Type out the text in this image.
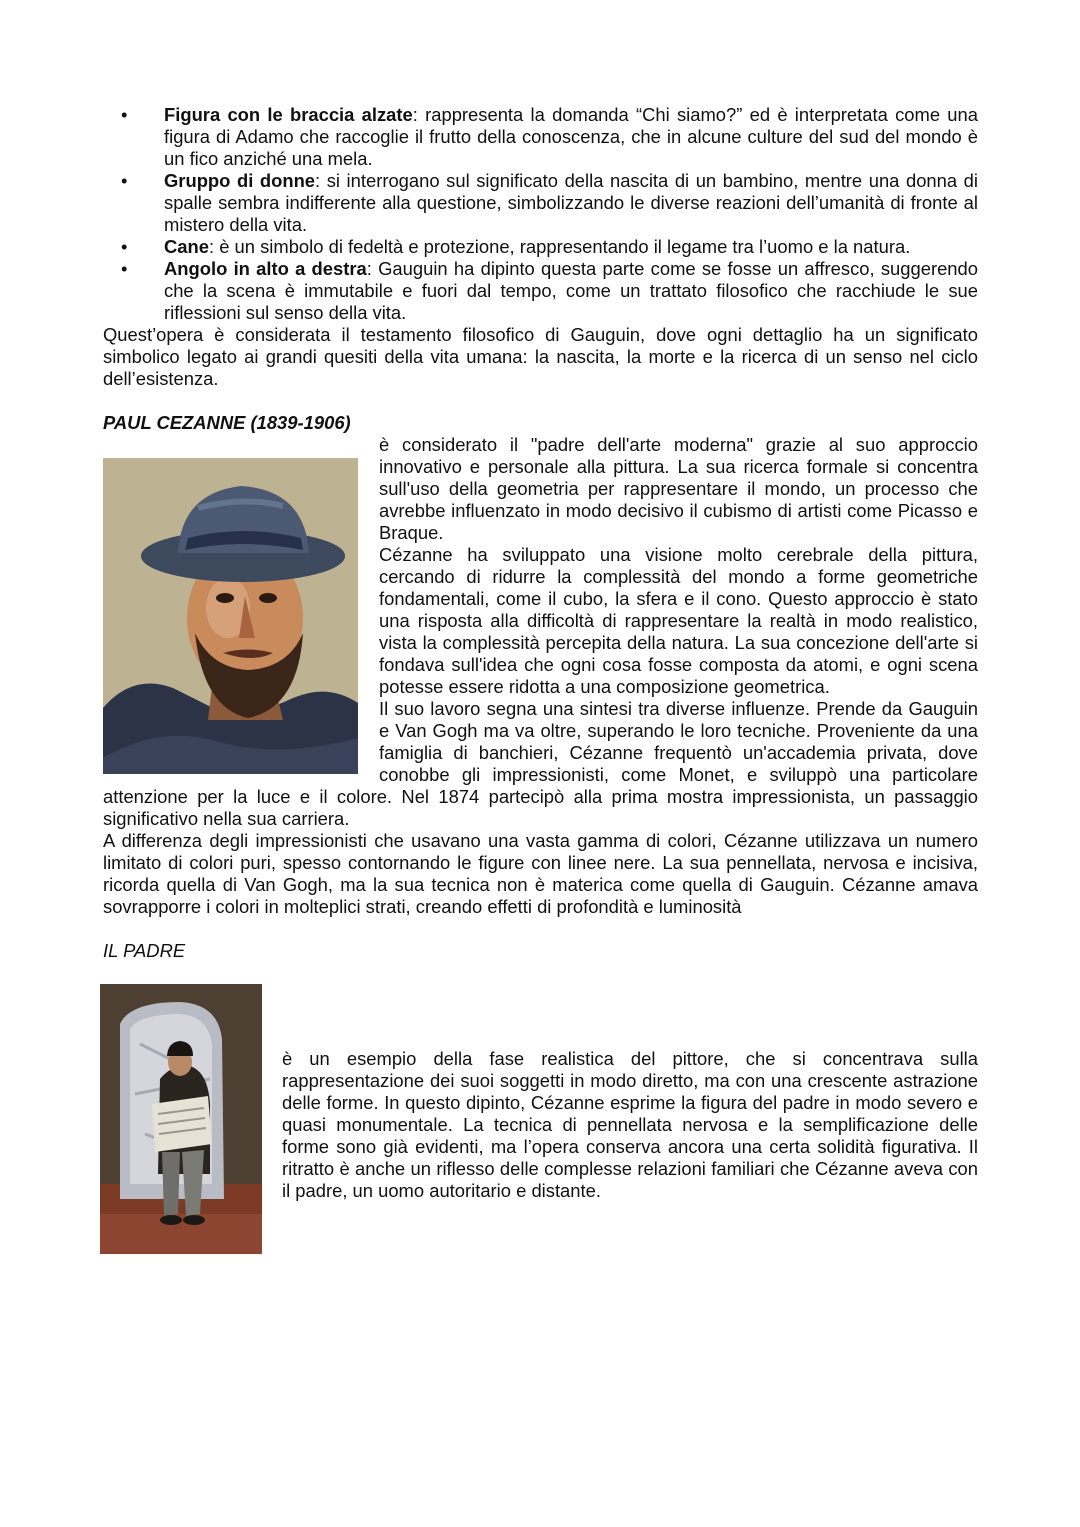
• Figura con le braccia alzate: rappresenta la domanda “Chi siamo?” ed è interpretata come una figura di Adamo che raccoglie il frutto della conoscenza, che in alcune culture del sud del mondo è un fico anziché una mela.
• Gruppo di donne: si interrogano sul significato della nascita di un bambino, mentre una donna di spalle sembra indifferente alla questione, simbolizzando le diverse reazioni dell’umanità di fronte al mistero della vita.
• Cane: è un simbolo di fedeltà e protezione, rappresentando il legame tra l’uomo e la natura.
• Angolo in alto a destra: Gauguin ha dipinto questa parte come se fosse un affresco, suggerendo che la scena è immutabile e fuori dal tempo, come un trattato filosofico che racchiude le sue riflessioni sul senso della vita.

Quest’opera è considerata il testamento filosofico di Gauguin, dove ogni dettaglio ha un significato simbolico legato ai grandi quesiti della vita umana: la nascita, la morte e la ricerca di un senso nel ciclo dell’esistenza.

PAUL CEZANNE (1839-1906)

è considerato il "padre dell'arte moderna" grazie al suo approccio innovativo e personale alla pittura. La sua ricerca formale si concentra sull'uso della geometria per rappresentare il mondo, un processo che avrebbe influenzato in modo decisivo il cubismo di artisti come Picasso e Braque.

Cézanne ha sviluppato una visione molto cerebrale della pittura, cercando di ridurre la complessità del mondo a forme geometriche fondamentali, come il cubo, la sfera e il cono. Questo approccio è stato una risposta alla difficoltà di rappresentare la realtà in modo realistico, vista la complessità percepita della natura. La sua concezione dell'arte si fondava sull'idea che ogni cosa fosse composta da atomi, e ogni scena potesse essere ridotta a una composizione geometrica.

Il suo lavoro segna una sintesi tra diverse influenze. Prende da Gauguin e Van Gogh ma va oltre, superando le loro tecniche. Proveniente da una famiglia di banchieri, Cézanne frequentò un'accademia privata, dove conobbe gli impressionisti, come Monet, e sviluppò una particolare attenzione per la luce e il colore. Nel 1874 partecipò alla prima mostra impressionista, un passaggio significativo nella sua carriera.

A differenza degli impressionisti che usavano una vasta gamma di colori, Cézanne utilizzava un numero limitato di colori puri, spesso contornando le figure con linee nere. La sua pennellata, nervosa e incisiva, ricorda quella di Van Gogh, ma la sua tecnica non è materica come quella di Gauguin. Cézanne amava sovrapporre i colori in molteplici strati, creando effetti di profondità e luminosità

IL PADRE
è un esempio della fase realistica del pittore, che si concentrava sulla rappresentazione dei suoi soggetti in modo diretto, ma con una crescente astrazione delle forme. In questo dipinto, Cézanne esprime la figura del padre in modo severo e quasi monumentale. La tecnica di pennellata nervosa e la semplificazione delle forme sono già evidenti, ma l’opera conserva ancora una certa solidità figurativa. Il ritratto è anche un riflesso delle complesse relazioni familiari che Cézanne aveva con il padre, un uomo autoritario e distante.
